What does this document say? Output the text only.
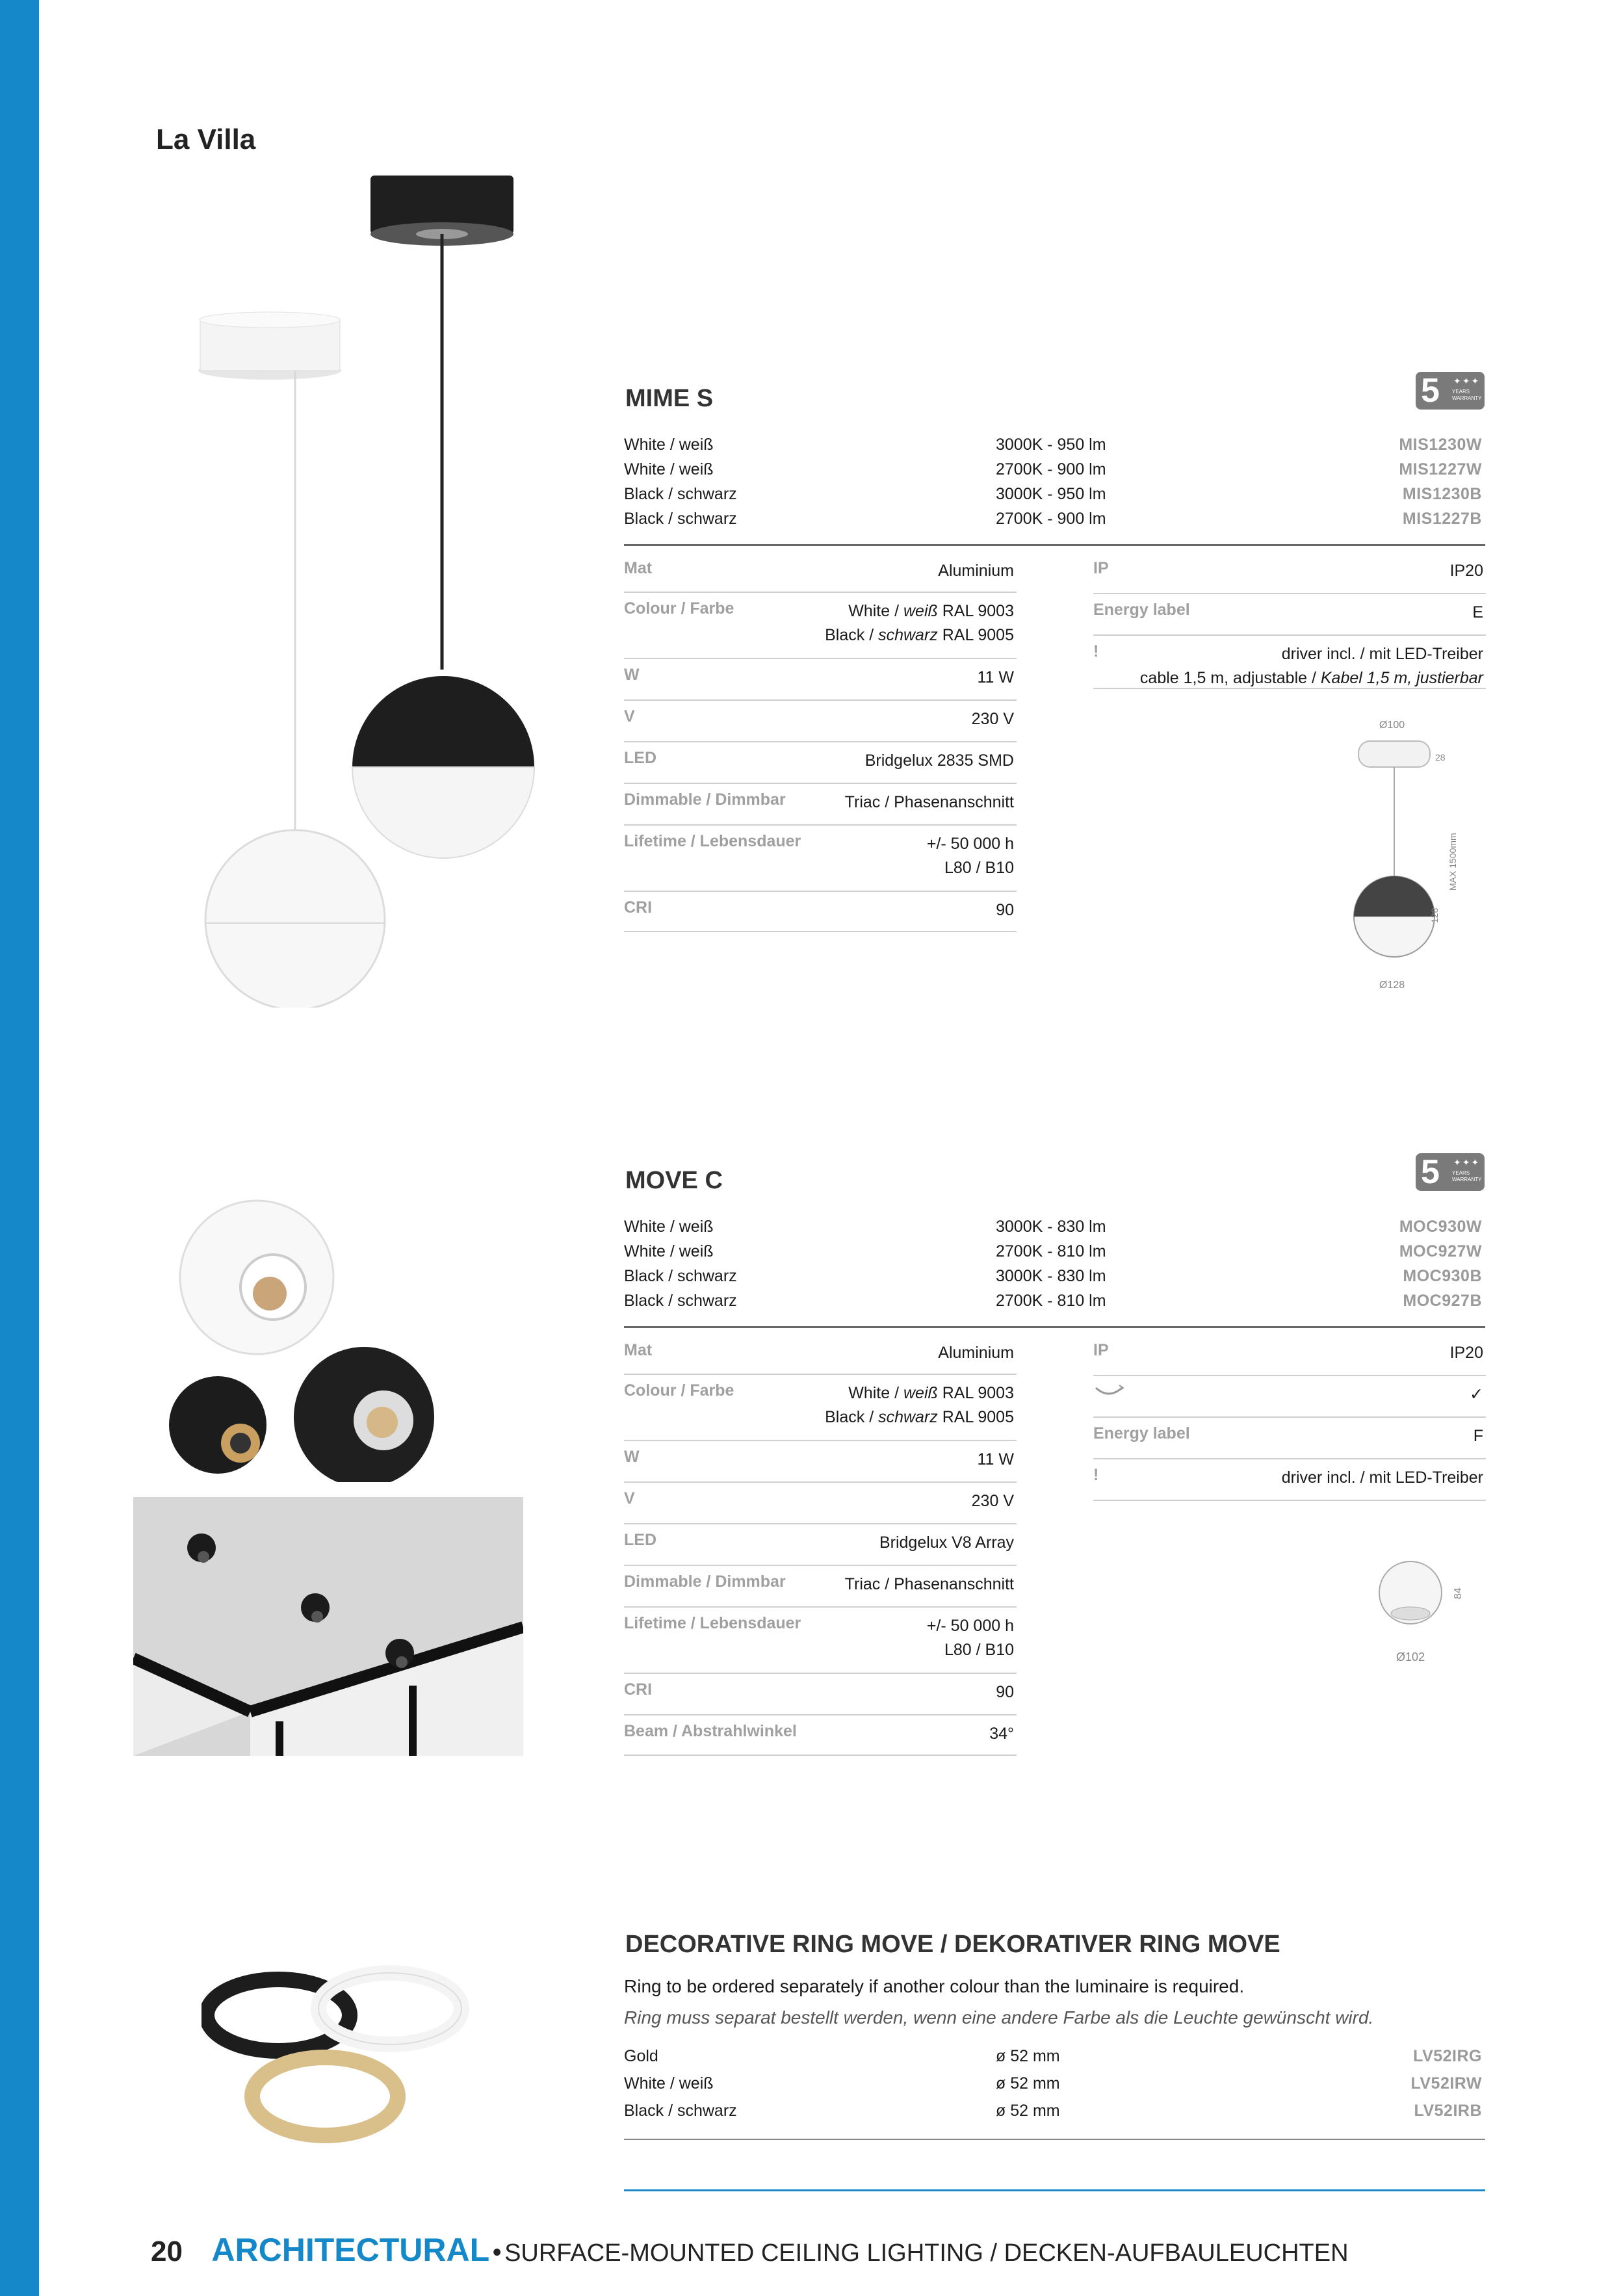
La Villa
MIME S	5 ✦✦✦
YEARS WARRANTY
White / weiß	3000K - 950 lm	MIS1230W
White / weiß	2700K - 900 lm	MIS1227W
Black / schwarz	3000K - 950 lm	MIS1230B
Black / schwarz	2700K - 900 lm	MIS1227B
Mat	Aluminium
Colour / Farbe	White / weiß RAL 9003
Black / schwarz RAL 9005
W	11 W
V	230 V
LED	Bridgelux 2835 SMD
Dimmable / Dimmbar	Triac / Phasenanschnitt
Lifetime / Lebensdauer	+/- 50 000 h
L80 / B10
CRI	90
IP	IP20
Energy label	E
!	driver incl. / mit LED-Treiber
cable 1,5 m, adjustable / Kabel 1,5 m, justierbar
Ø100
28
MAX 1500mm
128
Ø128
MOVE C	5 ✦✦✦
YEARS WARRANTY
White / weiß	3000K - 830 lm	MOC930W
White / weiß	2700K - 810 lm	MOC927W
Black / schwarz	3000K - 830 lm	MOC930B
Black / schwarz	2700K - 810 lm	MOC927B
Mat	Aluminium
Colour / Farbe	White / weiß RAL 9003
Black / schwarz RAL 9005
W	11 W
V	230 V
LED	Bridgelux V8 Array
Dimmable / Dimmbar	Triac / Phasenanschnitt
Lifetime / Lebensdauer	+/- 50 000 h
L80 / B10
CRI	90
Beam / Abstrahlwinkel	34°
IP	IP20
✓
Energy label	F
!	driver incl. / mit LED-Treiber
84
Ø102
DECORATIVE RING MOVE / DEKORATIVER RING MOVE
Ring to be ordered separately if another colour than the luminaire is required.
Ring muss separat bestellt werden, wenn eine andere Farbe als die Leuchte gewünscht wird.
Gold	ø 52 mm	LV52IRG
White / weiß	ø 52 mm	LV52IRW
Black / schwarz	ø 52 mm	LV52IRB
20 ARCHITECTURAL • SURFACE-MOUNTED CEILING LIGHTING / DECKEN-AUFBAULEUCHTEN
